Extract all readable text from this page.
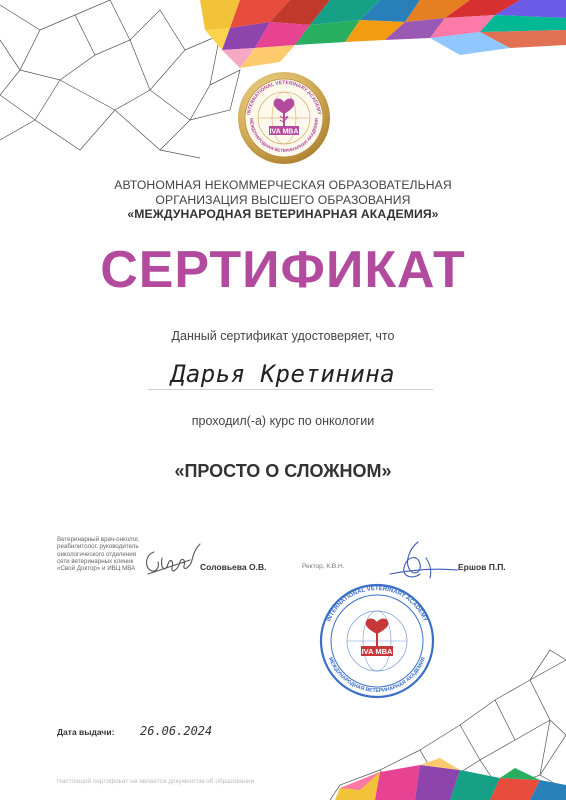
IVA MBA
INTERNATIONAL VETERINARY ACADEMY
МЕЖДУНАРОДНАЯ ВЕТЕРИНАРНАЯ АКАДЕМИЯ
АВТОНОМНАЯ НЕКОММЕРЧЕСКАЯ ОБРАЗОВАТЕЛЬНАЯ
ОРГАНИЗАЦИЯ ВЫСШЕГО ОБРАЗОВАНИЯ
«МЕЖДУНАРОДНАЯ ВЕТЕРИНАРНАЯ АКАДЕМИЯ»
СЕРТИФИКАТ
Данный сертификат удостоверяет, что
Дарья Кретинина
проходил(-а) курс по онкологии
«ПРОСТО О СЛОЖНОМ»
Ветеринарный врач-онколог,
реабилитолог, руководитель
онкологического отделения
сети ветеринарных клиник
«Свой Доктор» и ИВЦ МВА	Соловьева О.В.	Ректор, К.В.Н.	Ершов П.П.
IVA MBA
INTERNATIONAL VETERINARY ACADEMY
МЕЖДУНАРОДНАЯ ВЕТЕРИНАРНАЯ АКАДЕМИЯ
Дата выдачи: 26.06.2024
Настоящий сертификат не является документом об образовании
